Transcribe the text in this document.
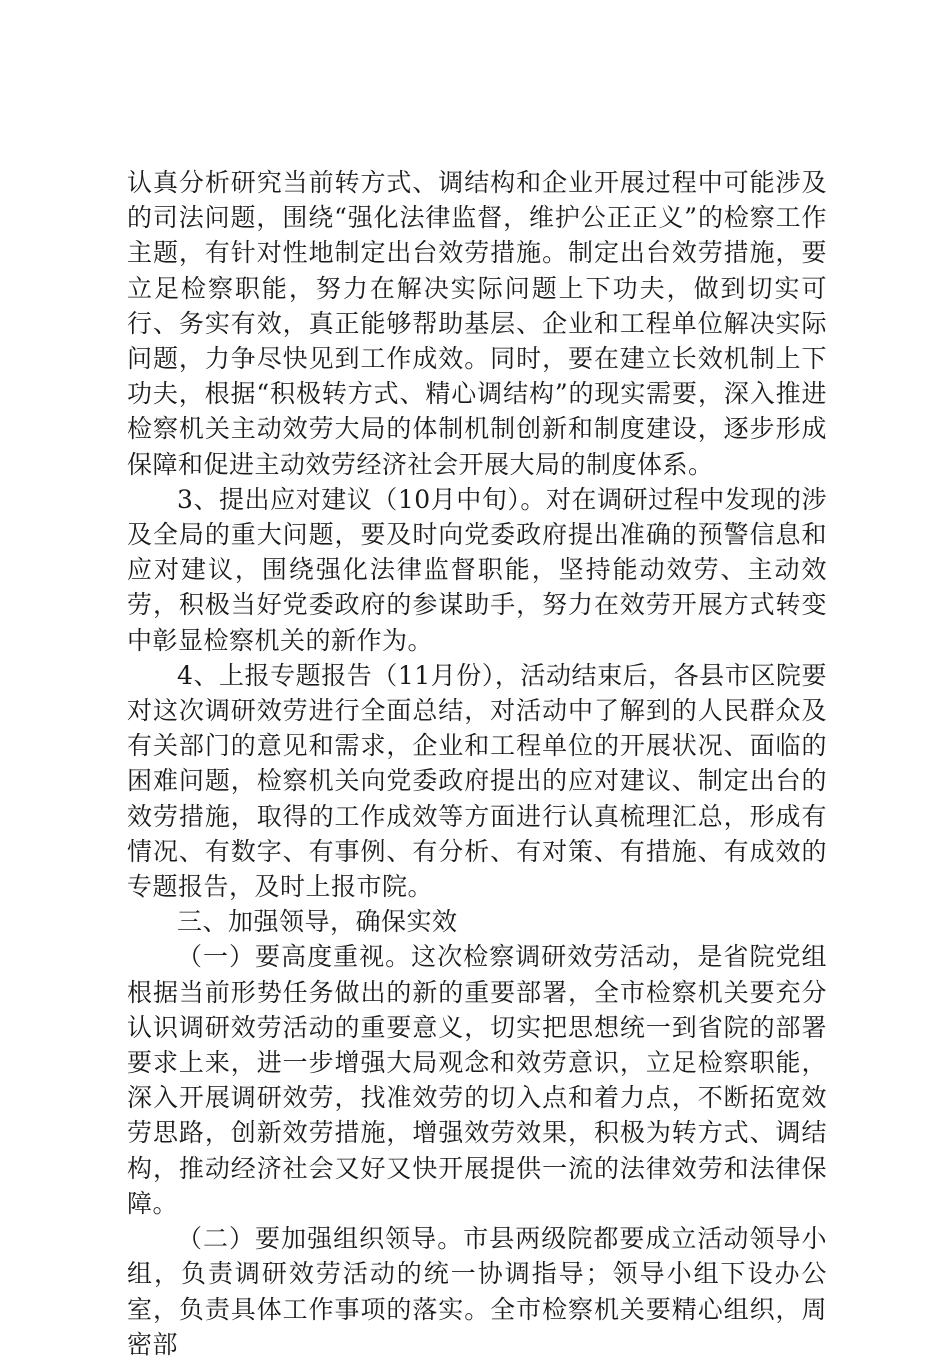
认真分析研究当前转方式、调结构和企业开展过程中可能涉及的司法问题，围绕“强化法律监督，维护公正正义”的检察工作主题，有针对性地制定出台效劳措施。制定出台效劳措施，要立足检察职能，努力在解决实际问题上下功夫，做到切实可行、务实有效，真正能够帮助基层、企业和工程单位解决实际问题，力争尽快见到工作成效。同时，要在建立长效机制上下功夫，根据“积极转方式、精心调结构”的现实需要，深入推进检察机关主动效劳大局的体制机制创新和制度建设，逐步形成保障和促进主动效劳经济社会开展大局的制度体系。

3、提出应对建议（10月中旬）。对在调研过程中发现的涉及全局的重大问题，要及时向党委政府提出准确的预警信息和应对建议，围绕强化法律监督职能，坚持能动效劳、主动效劳，积极当好党委政府的参谋助手，努力在效劳开展方式转变中彰显检察机关的新作为。

4、上报专题报告（11月份），活动结束后，各县市区院要对这次调研效劳进行全面总结，对活动中了解到的人民群众及有关部门的意见和需求，企业和工程单位的开展状况、面临的困难问题，检察机关向党委政府提出的应对建议、制定出台的效劳措施，取得的工作成效等方面进行认真梳理汇总，形成有情况、有数字、有事例、有分析、有对策、有措施、有成效的专题报告，及时上报市院。

三、加强领导，确保实效

（一）要高度重视。这次检察调研效劳活动，是省院党组根据当前形势任务做出的新的重要部署，全市检察机关要充分认识调研效劳活动的重要意义，切实把思想统一到省院的部署要求上来，进一步增强大局观念和效劳意识，立足检察职能，深入开展调研效劳，找准效劳的切入点和着力点，不断拓宽效劳思路，创新效劳措施，增强效劳效果，积极为转方式、调结构，推动经济社会又好又快开展提供一流的法律效劳和法律保障。

（二）要加强组织领导。市县两级院都要成立活动领导小组，负责调研效劳活动的统一协调指导；领导小组下设办公室，负责具体工作事项的落实。全市检察机关要精心组织，周密部
